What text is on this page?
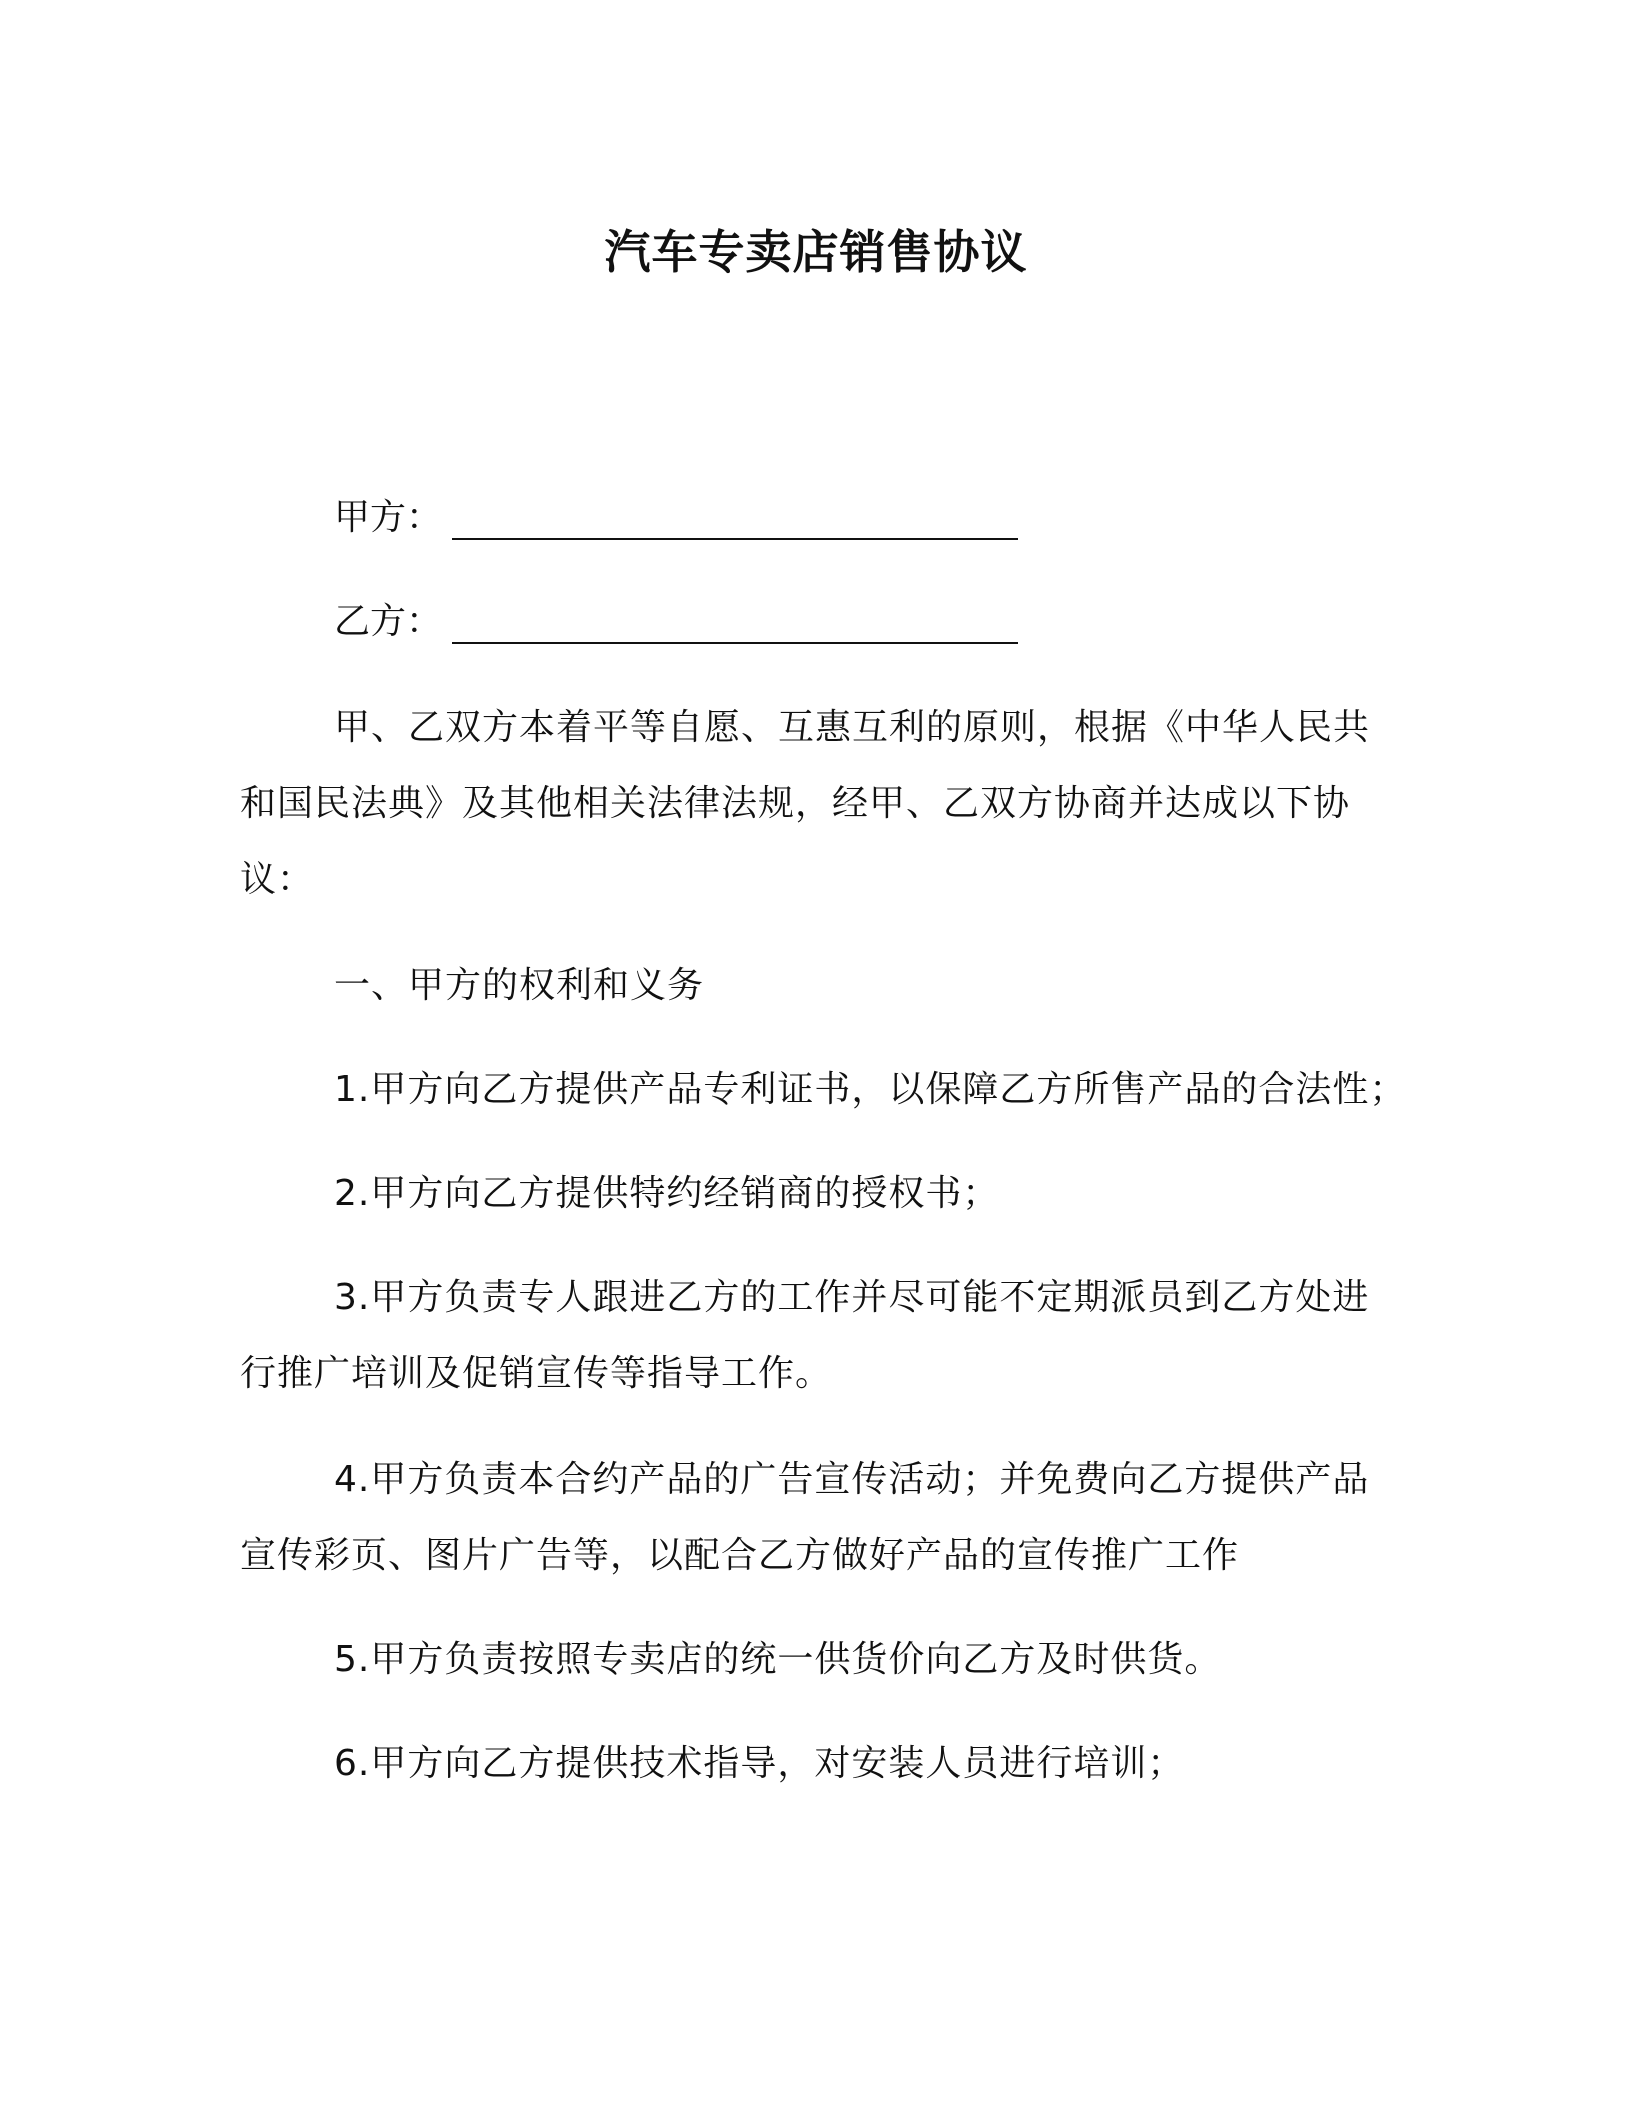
汽车专卖店销售协议
甲方：
乙方：
甲、乙双方本着平等自愿、互惠互利的原则，根据《中华人民共
和国民法典》及其他相关法律法规，经甲、乙双方协商并达成以下协
议：
一、甲方的权利和义务
1.甲方向乙方提供产品专利证书，以保障乙方所售产品的合法性；
2.甲方向乙方提供特约经销商的授权书；
3.甲方负责专人跟进乙方的工作并尽可能不定期派员到乙方处进
行推广培训及促销宣传等指导工作。
4.甲方负责本合约产品的广告宣传活动；并免费向乙方提供产品
宣传彩页、图片广告等，以配合乙方做好产品的宣传推广工作
5.甲方负责按照专卖店的统一供货价向乙方及时供货。
6.甲方向乙方提供技术指导，对安装人员进行培训；
